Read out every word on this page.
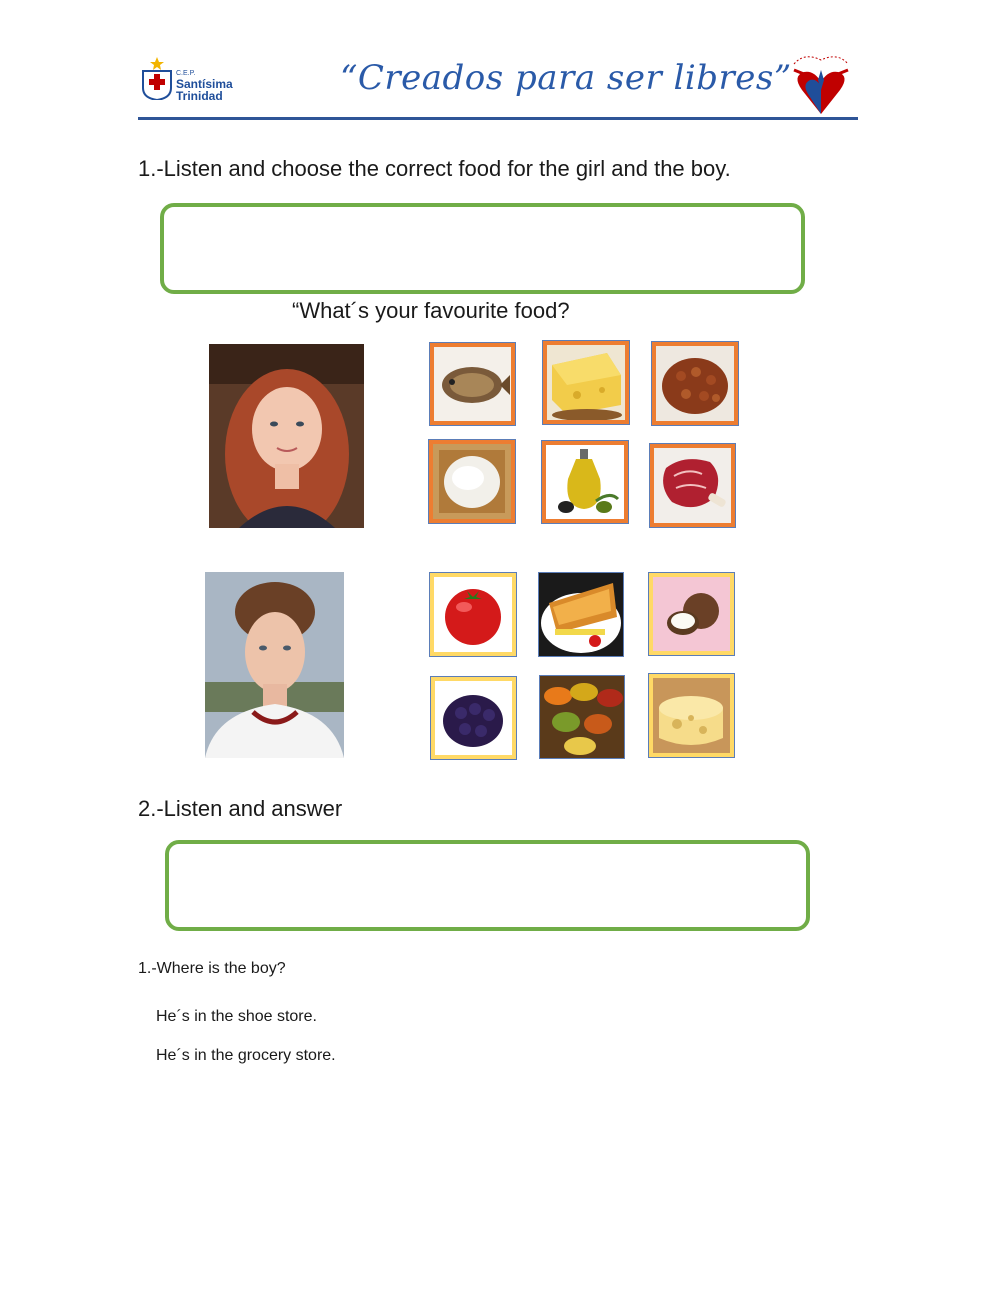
C.E.P.
Santísima
Trinidad	“Creados para ser libres”
1.-Listen and choose the correct food for the girl and the boy.
“What´s your favourite food?
2.-Listen and answer
1.-Where is the boy?
He´s in the shoe store.
He´s in the grocery store.
